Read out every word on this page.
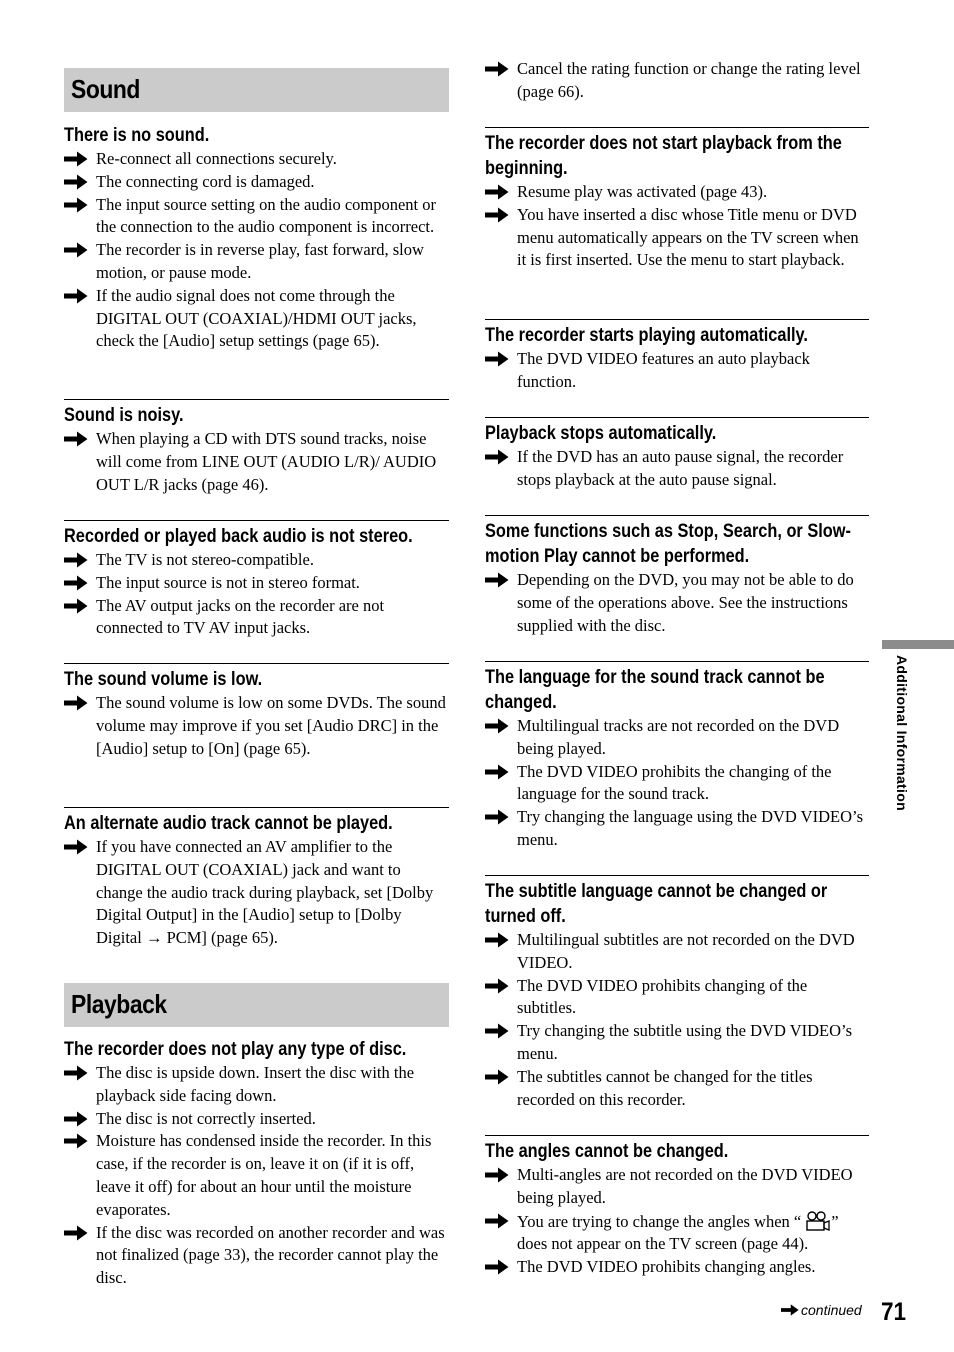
Sound
There is no sound.
Re-connect all connections securely.
The connecting cord is damaged.
The input source setting on the audio component or the connection to the audio component is incorrect.
The recorder is in reverse play, fast forward, slow motion, or pause mode.
If the audio signal does not come through the DIGITAL OUT (COAXIAL)/HDMI OUT jacks, check the [Audio] setup settings (page 65).
Sound is noisy.
When playing a CD with DTS sound tracks, noise will come from LINE OUT (AUDIO L/R)/ AUDIO OUT L/R jacks (page 46).
Recorded or played back audio is not stereo.
The TV is not stereo-compatible.
The input source is not in stereo format.
The AV output jacks on the recorder are not connected to TV AV input jacks.
The sound volume is low.
The sound volume is low on some DVDs. The sound volume may improve if you set [Audio DRC] in the [Audio] setup to [On] (page 65).
An alternate audio track cannot be played.
If you have connected an AV amplifier to the DIGITAL OUT (COAXIAL) jack and want to change the audio track during playback, set [Dolby Digital Output] in the [Audio] setup to [Dolby Digital → PCM] (page 65).
Playback
The recorder does not play any type of disc.
The disc is upside down. Insert the disc with the playback side facing down.
The disc is not correctly inserted.
Moisture has condensed inside the recorder. In this case, if the recorder is on, leave it on (if it is off, leave it off) for about an hour until the moisture evaporates.
If the disc was recorded on another recorder and was not finalized (page 33), the recorder cannot play the disc.
Cancel the rating function or change the rating level (page 66).
The recorder does not start playback from the beginning.
Resume play was activated (page 43).
You have inserted a disc whose Title menu or DVD menu automatically appears on the TV screen when it is first inserted. Use the menu to start playback.
The recorder starts playing automatically.
The DVD VIDEO features an auto playback function.
Playback stops automatically.
If the DVD has an auto pause signal, the recorder stops playback at the auto pause signal.
Some functions such as Stop, Search, or Slow-motion Play cannot be performed.
Depending on the DVD, you may not be able to do some of the operations above. See the instructions supplied with the disc.
The language for the sound track cannot be changed.
Multilingual tracks are not recorded on the DVD being played.
The DVD VIDEO prohibits the changing of the language for the sound track.
Try changing the language using the DVD VIDEO’s menu.
The subtitle language cannot be changed or turned off.
Multilingual subtitles are not recorded on the DVD VIDEO.
The DVD VIDEO prohibits changing of the subtitles.
Try changing the subtitle using the DVD VIDEO’s menu.
The subtitles cannot be changed for the titles recorded on this recorder.
The angles cannot be changed.
Multi-angles are not recorded on the DVD VIDEO being played.
You are trying to change the angles when “ ” does not appear on the TV screen (page 44).
The DVD VIDEO prohibits changing angles.
Additional Information
continued 71
